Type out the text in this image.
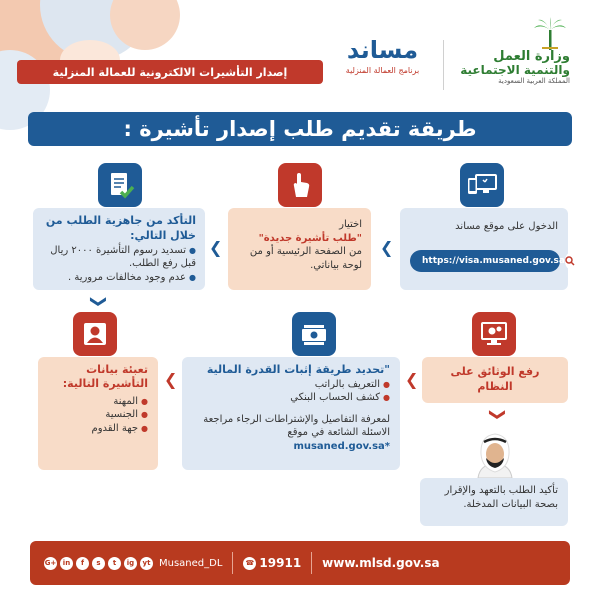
وزارة العمل
والتنمية الاجتماعية
المملكة العربية السعودية
مساند
برنامج العمالة المنزلية
إصدار التأشيرات الالكترونية للعمالة المنزلية
طريقة تقديم طلب إصدار تأشيرة :
الدخول على موقع مساند
https://visa.musaned.gov.sa
❮
اختيار
"طلب تأشيرة جديدة"
من الصفحة الرئيسية أو من لوحة بياناتي.
❮
التأكد من جاهزية الطلب من خلال التالي:
● تسديد رسوم التأشيرة ٢٠٠٠ ريال قبل رفع الطلب.
● عدم وجود مخالفات مرورية .
❮
تعبئة بيانات التأشيرة التالية:
● المهنة
● الجنسية
● جهة القدوم
❮
"تحديد طريقة إثبات القدرة المالية
● التعريف بالراتب
● كشف الحساب البنكي
لمعرفة التفاصيل والإشتراطات الرجاء مراجعة الاسئلة الشائعة في موقع
musaned.gov.sa*
❮	رفع الوثائق على النظام
❮
تأكيد الطلب بالتعهد والإقرار بصحة البيانات المدخلة.
G+ in	f	s	t	ig	yt Musaned_DL	☎ 19911 www.mlsd.gov.sa
